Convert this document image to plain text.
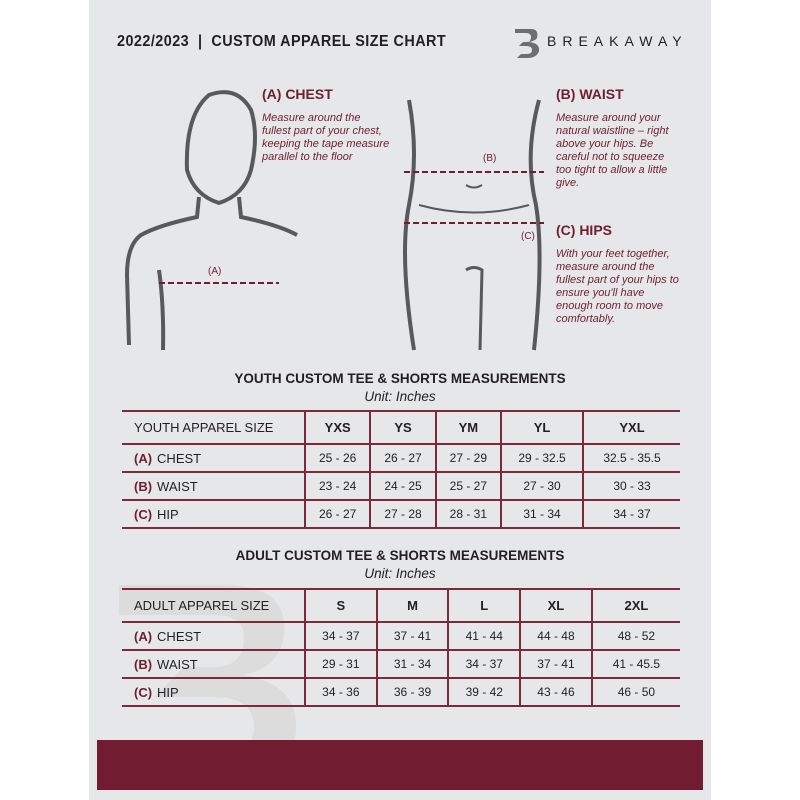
2022/2023  |  CUSTOM APPAREL SIZE CHART	BREAKAWAY
(A)
(A) CHEST
Measure around the fullest part of your chest, keeping the tape measure parallel to the floor	(B)
(C)
(B) WAIST
Measure around your natural waistline – right above your hips. Be careful not to squeeze too tight to allow a little give.
(C) HIPS
With your feet together, measure around the fullest part of your hips to ensure you'll have enough room to move comfortably.
YOUTH CUSTOM TEE & SHORTS MEASUREMENTS
Unit: Inches
YOUTH APPAREL SIZE	YXS	YS	YM	YL	YXL
(A) CHEST	25 - 26	26 - 27	27 - 29	29 - 32.5	32.5 - 35.5
(B) WAIST	23 - 24	24 - 25	25 - 27	27 - 30	30 - 33
(C) HIP	26 - 27	27 - 28	28 - 31	31 - 34	34 - 37
ADULT CUSTOM TEE & SHORTS MEASUREMENTS
Unit: Inches
ADULT APPAREL SIZE	S	M	L	XL	2XL
(A) CHEST	34 - 37	37 - 41	41 - 44	44 - 48	48 - 52
(B) WAIST	29 - 31	31 - 34	34 - 37	37 - 41	41 - 45.5
(C) HIP	34 - 36	36 - 39	39 - 42	43 - 46	46 - 50
